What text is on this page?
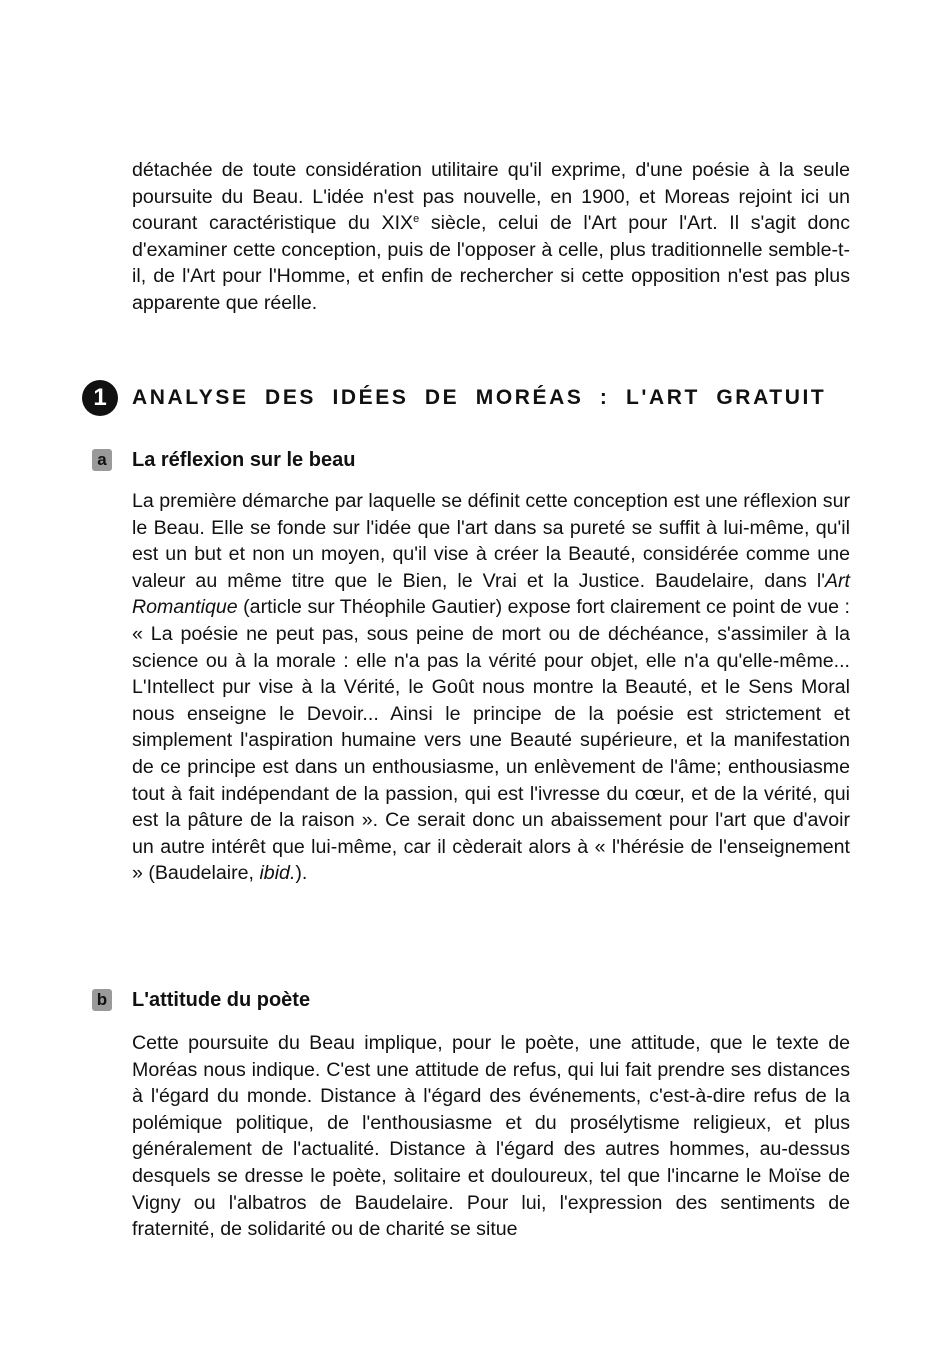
détachée de toute considération utilitaire qu'il exprime, d'une poésie à la seule poursuite du Beau. L'idée n'est pas nouvelle, en 1900, et Moreas rejoint ici un courant caractéristique du XIXe siècle, celui de l'Art pour l'Art. Il s'agit donc d'examiner cette conception, puis de l'opposer à celle, plus traditionnelle semble-t-il, de l'Art pour l'Homme, et enfin de rechercher si cette opposition n'est pas plus apparente que réelle.

1	ANALYSE DES IDÉES DE MORÉAS : L'ART GRATUIT
a La réflexion sur le beau

La première démarche par laquelle se définit cette conception est une réflexion sur le Beau. Elle se fonde sur l'idée que l'art dans sa pureté se suffit à lui-même, qu'il est un but et non un moyen, qu'il vise à créer la Beauté, considérée comme une valeur au même titre que le Bien, le Vrai et la Justice. Baudelaire, dans l'Art Romantique (article sur Théophile Gautier) expose fort clairement ce point de vue : « La poésie ne peut pas, sous peine de mort ou de déchéance, s'assimiler à la science ou à la morale : elle n'a pas la vérité pour objet, elle n'a qu'elle-même... L'Intellect pur vise à la Vérité, le Goût nous montre la Beauté, et le Sens Moral nous enseigne le Devoir... Ainsi le principe de la poésie est strictement et simplement l'aspiration humaine vers une Beauté supérieure, et la manifestation de ce principe est dans un enthousiasme, un enlèvement de l'âme; enthousiasme tout à fait indépendant de la passion, qui est l'ivresse du cœur, et de la vérité, qui est la pâture de la raison ». Ce serait donc un abaissement pour l'art que d'avoir un autre intérêt que lui-même, car il cèderait alors à « l'hérésie de l'enseignement » (Baudelaire, ibid.).

b L'attitude du poète

Cette poursuite du Beau implique, pour le poète, une attitude, que le texte de Moréas nous indique. C'est une attitude de refus, qui lui fait prendre ses distances à l'égard du monde. Distance à l'égard des événements, c'est-à-dire refus de la polémique politique, de l'enthousiasme et du prosélytisme religieux, et plus généralement de l'actualité. Distance à l'égard des autres hommes, au-dessus desquels se dresse le poète, solitaire et douloureux, tel que l'incarne le Moïse de Vigny ou l'albatros de Baudelaire. Pour lui, l'expression des sentiments de fraternité, de solidarité ou de charité se situe
